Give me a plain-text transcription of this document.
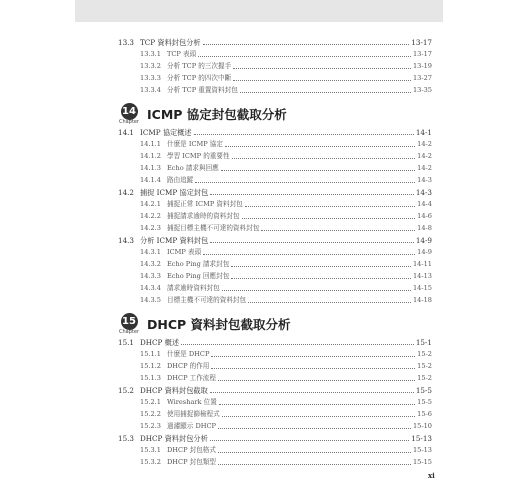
13.3 TCP 資料封包分析	13-17
13.3.1 TCP 表頭	13-17
13.3.2 分析 TCP 的三次握手	13-19
13.3.3 分析 TCP 的四次中斷	13-27
13.3.4 分析 TCP 重置資料封包	13-35
14
Chapter ICMP 協定封包截取分析
14.1 ICMP 協定概述	14-1
14.1.1 什麼是 ICMP 協定	14-2
14.1.2 學習 ICMP 的重要性	14-2
14.1.3 Echo 請求與回應	14-2
14.1.4 路由追蹤	14-3
14.2 捕捉 ICMP 協定封包	14-3
14.2.1 捕捉正常 ICMP 資料封包	14-4
14.2.2 捕捉請求逾時的資料封包	14-6
14.2.3 捕捉目標主機不可達的資料封包	14-8
14.3 分析 ICMP 資料封包	14-9
14.3.1 ICMP 表頭	14-9
14.3.2 Echo Ping 請求封包	14-11
14.3.3 Echo Ping 回應封包	14-13
14.3.4 請求逾時資料封包	14-15
14.3.5 目標主機不可達的資料封包	14-18
15
Chapter DHCP 資料封包截取分析
15.1 DHCP 概述	15-1
15.1.1 什麼是 DHCP	15-2
15.1.2 DHCP 的作用	15-2
15.1.3 DHCP 工作流程	15-2
15.2 DHCP 資料封包截取	15-5
15.2.1 Wireshark 位置	15-5
15.2.2 使用捕捉篩檢程式	15-6
15.2.3 過濾顯示 DHCP	15-10
15.3 DHCP 資料封包分析	15-13
15.3.1 DHCP 封包格式	15-13
15.3.2 DHCP 封包類型	15-15
xi
